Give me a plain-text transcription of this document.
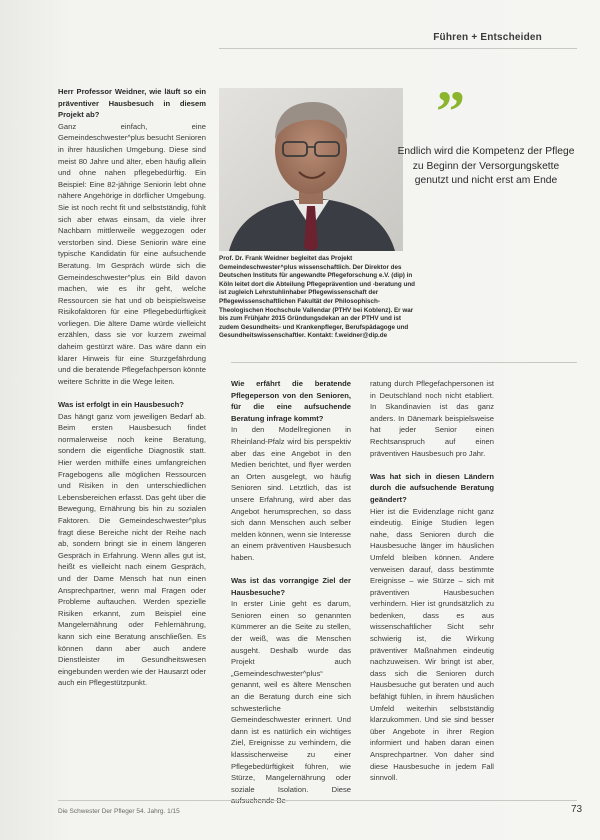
Führen + Entscheiden

Herr Professor Weidner, wie läuft so ein präventiver Hausbesuch in diesem Projekt ab?

Ganz einfach, eine Gemeindeschwester^plus besucht Senioren in ihrer häuslichen Umgebung. Diese sind meist 80 Jahre und älter, eben häufig allein und ohne nahen pflegebedürftig. Ein Beispiel: Eine 82-jährige Seniorin lebt ohne nähere Angehörige in dörflicher Umgebung. Sie ist noch recht fit und selbstständig, fühlt sich aber etwas einsam, da viele ihrer Nachbarn mittlerweile weggezogen oder verstorben sind. Diese Seniorin wäre eine typische Kandidatin für eine aufsuchende Beratung. Im Gespräch würde sich die Gemeindeschwester^plus ein Bild davon machen, wie es ihr geht, welche Ressourcen sie hat und ob beispielsweise Risikofaktoren für eine Pflegebedürftigkeit vorliegen. Die ältere Dame würde vielleicht erzählen, dass sie vor kurzem zweimal daheim gestürzt wäre. Das wäre dann ein klarer Hinweis für eine Sturzgefährdung und die beratende Pflegefachperson könnte weitere Schritte in die Wege leiten.

Was ist erfolgt in ein Hausbesuch?

Das hängt ganz vom jeweiligen Bedarf ab. Beim ersten Hausbesuch findet normalerweise noch keine Beratung, sondern die eigentliche Diagnostik statt. Hier werden mithilfe eines umfangreichen Fragebogens alle möglichen Ressourcen und Risiken in den unterschiedlichen Lebensbereichen erfasst. Das geht über die Bewegung, Ernährung bis hin zu sozialen Faktoren. Die Gemeindeschwester^plus fragt diese Bereiche nicht der Reihe nach ab, sondern bringt sie in einem längeren Gespräch in Erfahrung. Wenn alles gut ist, heißt es vielleicht nach einem Gespräch, und der Dame Mensch hat nun einen Ansprechpartner, wenn mal Fragen oder Probleme auftauchen. Werden spezielle Risiken erkannt, zum Beispiel eine Mangelernährung oder Fehlernährung, kann sich eine Beratung anschließen. Es können dann aber auch andere Dienstleister im Gesundheitswesen eingebunden werden wie der Hausarzt oder auch ein Pflegestützpunkt.

Prof. Dr. Frank Weidner begleitet das Projekt Gemeindeschwester^plus wissenschaftlich. Der Direktor des Deutschen Instituts für angewandte Pflegeforschung e.V. (dip) in Köln leitet dort die Abteilung Pflegeprävention und -beratung und ist zugleich Lehrstuhlinhaber Pflegewissenschaft der Pflegewissenschaftlichen Fakultät der Philosophisch-Theologischen Hochschule Vallendar (PTHV bei Koblenz). Er war bis zum Frühjahr 2015 Gründungsdekan an der PTHV und ist zudem Gesundheits- und Krankenpfleger, Berufspädagoge und Gesundheitswissenschaftler. Kontakt: f.weidner@dip.de
”
Endlich wird die Kompetenz der Pflege zu Beginn der Versorgungskette genutzt und nicht erst am Ende

Wie erfährt die beratende Pflegeperson von den Senioren, für die eine aufsuchende Beratung infrage kommt?

In den Modellregionen in Rheinland-Pfalz wird bis perspektiv aber das eine Angebot in den Medien berichtet, und flyer werden an Orten ausgelegt, wo häufig Senioren sind. Letztlich, das ist unsere Erfahrung, wird aber das Angebot herumsprechen, so dass sich dann Menschen auch selber melden können, wenn sie Interesse an einem präventiven Hausbesuch haben.

Was ist das vorrangige Ziel der Hausbesuche?

In erster Linie geht es darum, Senioren einen so genannten Kümmerer an die Seite zu stellen, der weiß, was die Menschen ausgeht. Deshalb wurde das Projekt auch „Gemeindeschwester^plus“ genannt, weil es ältere Menschen an die Beratung durch eine sich schwesterliche Gemeindeschwester erinnert. Und dann ist es natürlich ein wichtiges Ziel, Ereignisse zu verhindern, die klassischerweise zu einer Pflegebedürftigkeit führen, wie Stürze, Mangelernährung oder soziale Isolation. Diese

ratung durch Pflegefachpersonen ist in Deutschland noch nicht etabliert. In Skandinavien ist das ganz anders. In Dänemark beispielsweise hat jeder Senior einen Rechtsanspruch auf einen präventiven Hausbesuch pro Jahr.

Was hat sich in diesen Ländern durch die aufsuchende Beratung geändert?

Hier ist die Evidenzlage nicht ganz eindeutig. Einige Studien legen nahe, dass Senioren durch die Hausbesuche länger im häuslichen Umfeld bleiben können. Andere verweisen darauf, dass bestimmte Ereignisse – wie Stürze – sich mit präventiven Hausbesuchen verhindern. Hier ist grundsätzlich zu bedenken, dass es aus wissenschaftlicher Sicht sehr schwierig ist, die Wirkung präventiver Maßnahmen eindeutig nachzuweisen. Wir bringt ist aber, dass sich die Senioren durch Hausbesuche gut beraten und auch befähigt fühlen, in ihrem häuslichen Umfeld weiterhin selbstständig klarzukommen. Und sie sind besser über Angebote in ihrer Region informiert und haben daran einen Ansprechpartner. Von daher sind diese Hausbesuche in jedem Fall sinnvoll.

Die Schwester Der Pfleger 54. Jahrg. 1/15	73
